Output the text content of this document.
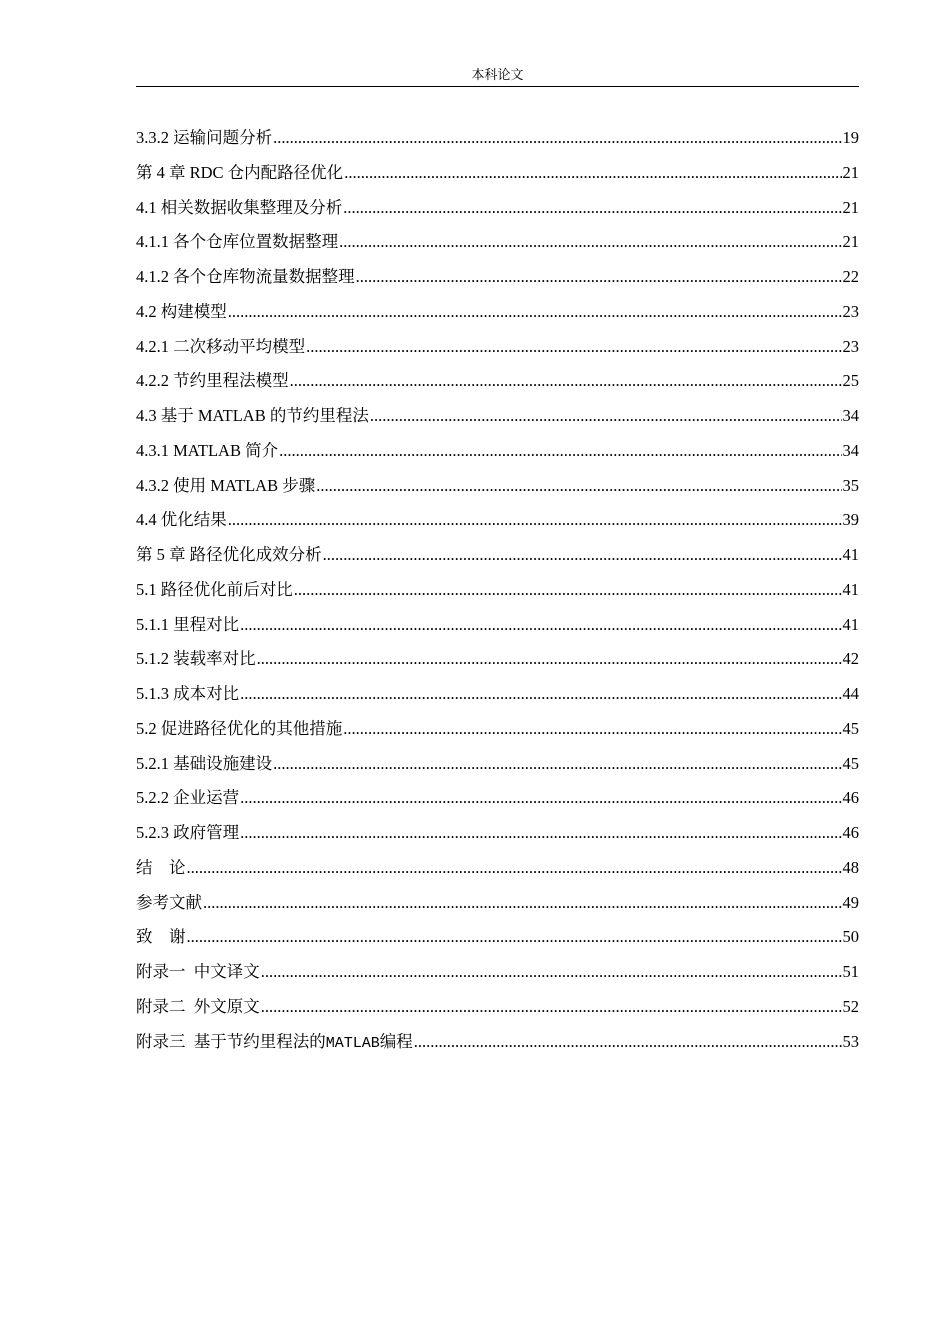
本科论文
3.3.2 运输问题分析 .....	19
第 4 章 RDC 仓内配路径优化 .....	21
4.1 相关数据收集整理及分析 .....	21
4.1.1 各个仓库位置数据整理 .....	21
4.1.2 各个仓库物流量数据整理 .....	22
4.2 构建模型 .....	23
4.2.1 二次移动平均模型 .....	23
4.2.2 节约里程法模型 .....	25
4.3 基于 MATLAB 的节约里程法 .....	34
4.3.1 MATLAB 简介 .....	34
4.3.2 使用 MATLAB 步骤 .....	35
4.4 优化结果 .....	39
第 5 章 路径优化成效分析 .....	41
5.1 路径优化前后对比 .....	41
5.1.1 里程对比 .....	41
5.1.2 装载率对比 .....	42
5.1.3 成本对比 .....	44
5.2 促进路径优化的其他措施 .....	45
5.2.1 基础设施建设 .....	45
5.2.2 企业运营 .....	46
5.2.3 政府管理 .....	46
结    论 .....	48
参考文献 .....	49
致    谢 .....	50
附录一  中文译文 .....	51
附录二  外文原文 .....	52
附录三  基于节约里程法的MATLAB编程 .....	53
